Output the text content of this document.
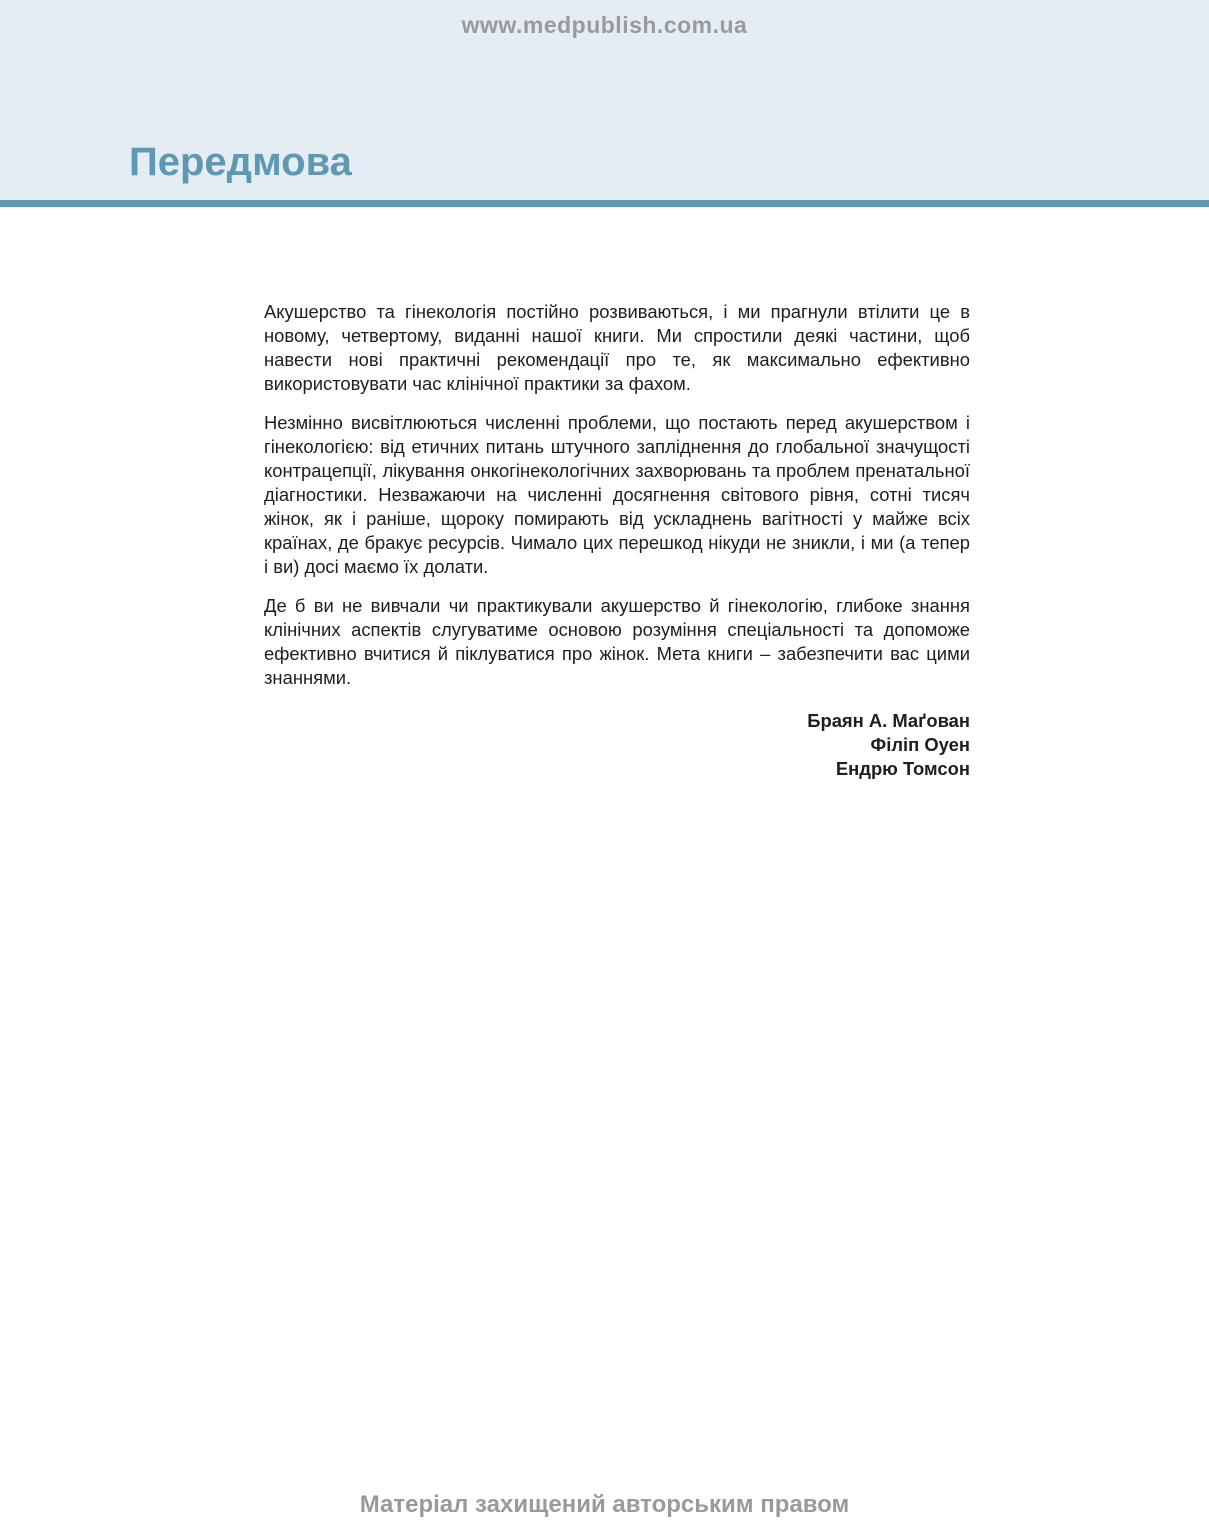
www.medpublish.com.ua
Передмова

Акушерство та гінекологія постійно розвиваються, і ми прагнули втілити це в новому, четвертому, виданні нашої книги. Ми спростили деякі частини, щоб навести нові практичні рекомендації про те, як максимально ефективно використовувати час клінічної практики за фахом.

Незмінно висвітлюються численні проблеми, що постають перед акушерством і гінекологією: від етичних питань штучного запліднення до глобальної значущості контрацепції, лікування онкогінекологічних захворювань та проблем пренатальної діагностики. Незважаючи на численні досягнення світового рівня, сотні тисяч жінок, як і раніше, щороку помирають від ускладнень вагітності у майже всіх країнах, де бракує ресурсів. Чимало цих перешкод нікуди не зникли, і ми (а тепер і ви) досі маємо їх долати.

Де б ви не вивчали чи практикували акушерство й гінекологію, глибоке знання клінічних аспектів слугуватиме основою розуміння спеціальності та допоможе ефективно вчитися й піклуватися про жінок. Мета книги – забезпечити вас цими знаннями.

Браян А. Маґован
Філіп Оуен
Ендрю Томсон
Матеріал захищений авторським правом
